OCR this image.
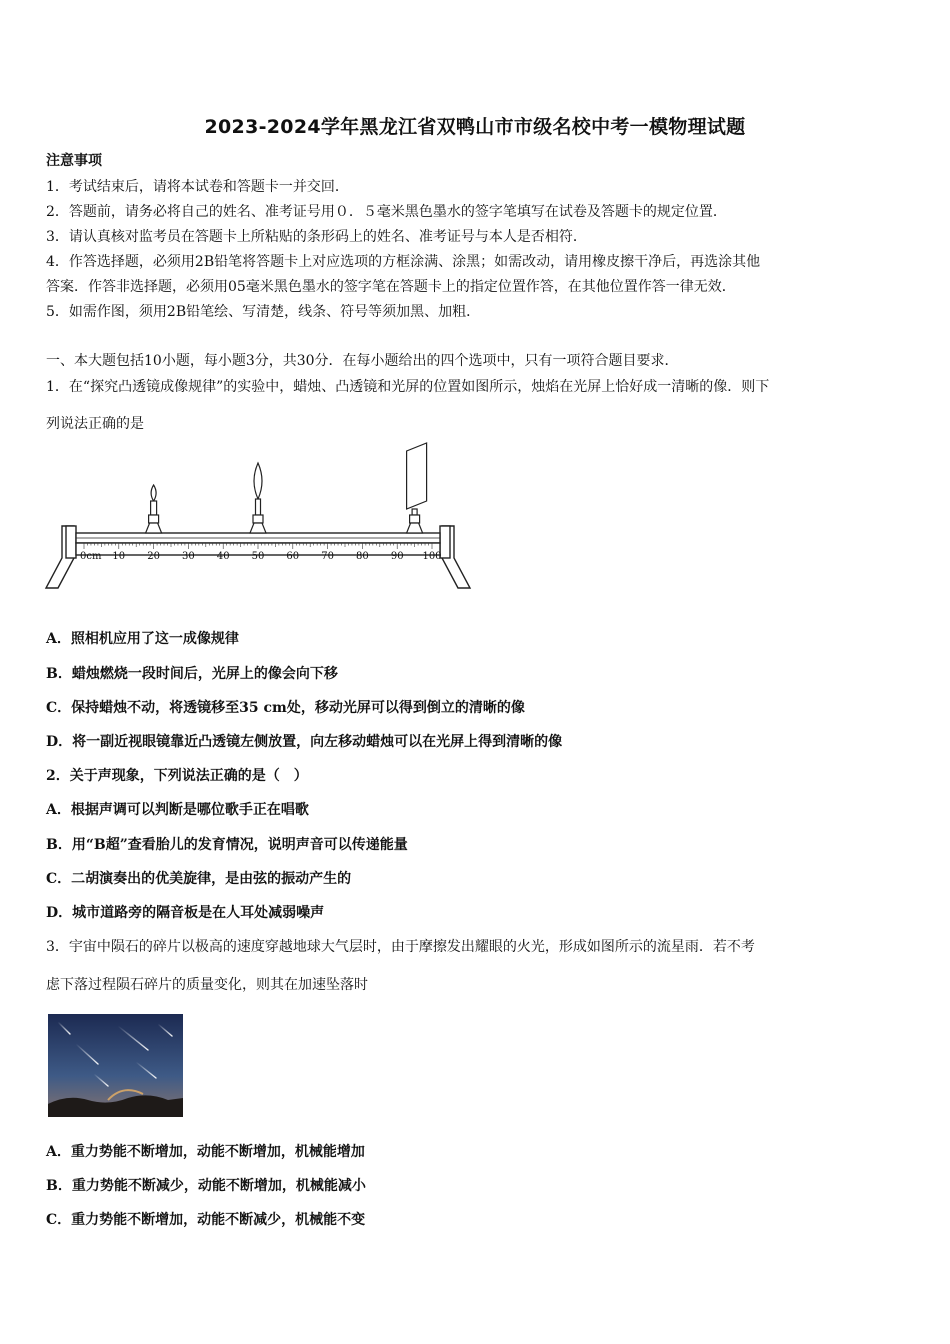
2023-2024学年黑龙江省双鸭山市市级名校中考一模物理试题
注意事项
1．考试结束后，请将本试卷和答题卡一并交回．
2．答题前，请务必将自己的姓名、准考证号用０．５毫米黑色墨水的签字笔填写在试卷及答题卡的规定位置．
3．请认真核对监考员在答题卡上所粘贴的条形码上的姓名、准考证号与本人是否相符．
4．作答选择题，必须用2B铅笔将答题卡上对应选项的方框涂满、涂黑；如需改动，请用橡皮擦干净后，再选涂其他
答案．作答非选择题，必须用05毫米黑色墨水的签字笔在答题卡上的指定位置作答，在其他位置作答一律无效．
5．如需作图，须用2B铅笔绘、写清楚，线条、符号等须加黑、加粗．
一、本大题包括10小题，每小题3分，共30分．在每小题给出的四个选项中，只有一项符合题目要求．
1．在“探究凸透镜成像规律”的实验中，蜡烛、凸透镜和光屏的位置如图所示，烛焰在光屏上恰好成一清晰的像．则下
列说法正确的是
0cm 10 20 30 40 50 60 70 80 90 100
A．照相机应用了这一成像规律
B．蜡烛燃烧一段时间后，光屏上的像会向下移
C．保持蜡烛不动，将透镜移至35 cm处，移动光屏可以得到倒立的清晰的像
D．将一副近视眼镜靠近凸透镜左侧放置，向左移动蜡烛可以在光屏上得到清晰的像
2．关于声现象，下列说法正确的是（　）
A．根据声调可以判断是哪位歌手正在唱歌
B．用“B超”查看胎儿的发育情况，说明声音可以传递能量
C．二胡演奏出的优美旋律，是由弦的振动产生的
D．城市道路旁的隔音板是在人耳处减弱噪声
3．宇宙中陨石的碎片以极高的速度穿越地球大气层时，由于摩擦发出耀眼的火光，形成如图所示的流星雨．若不考
虑下落过程陨石碎片的质量变化，则其在加速坠落时
A．重力势能不断增加，动能不断增加，机械能增加
B．重力势能不断减少，动能不断增加，机械能减小
C．重力势能不断增加，动能不断减少，机械能不变
